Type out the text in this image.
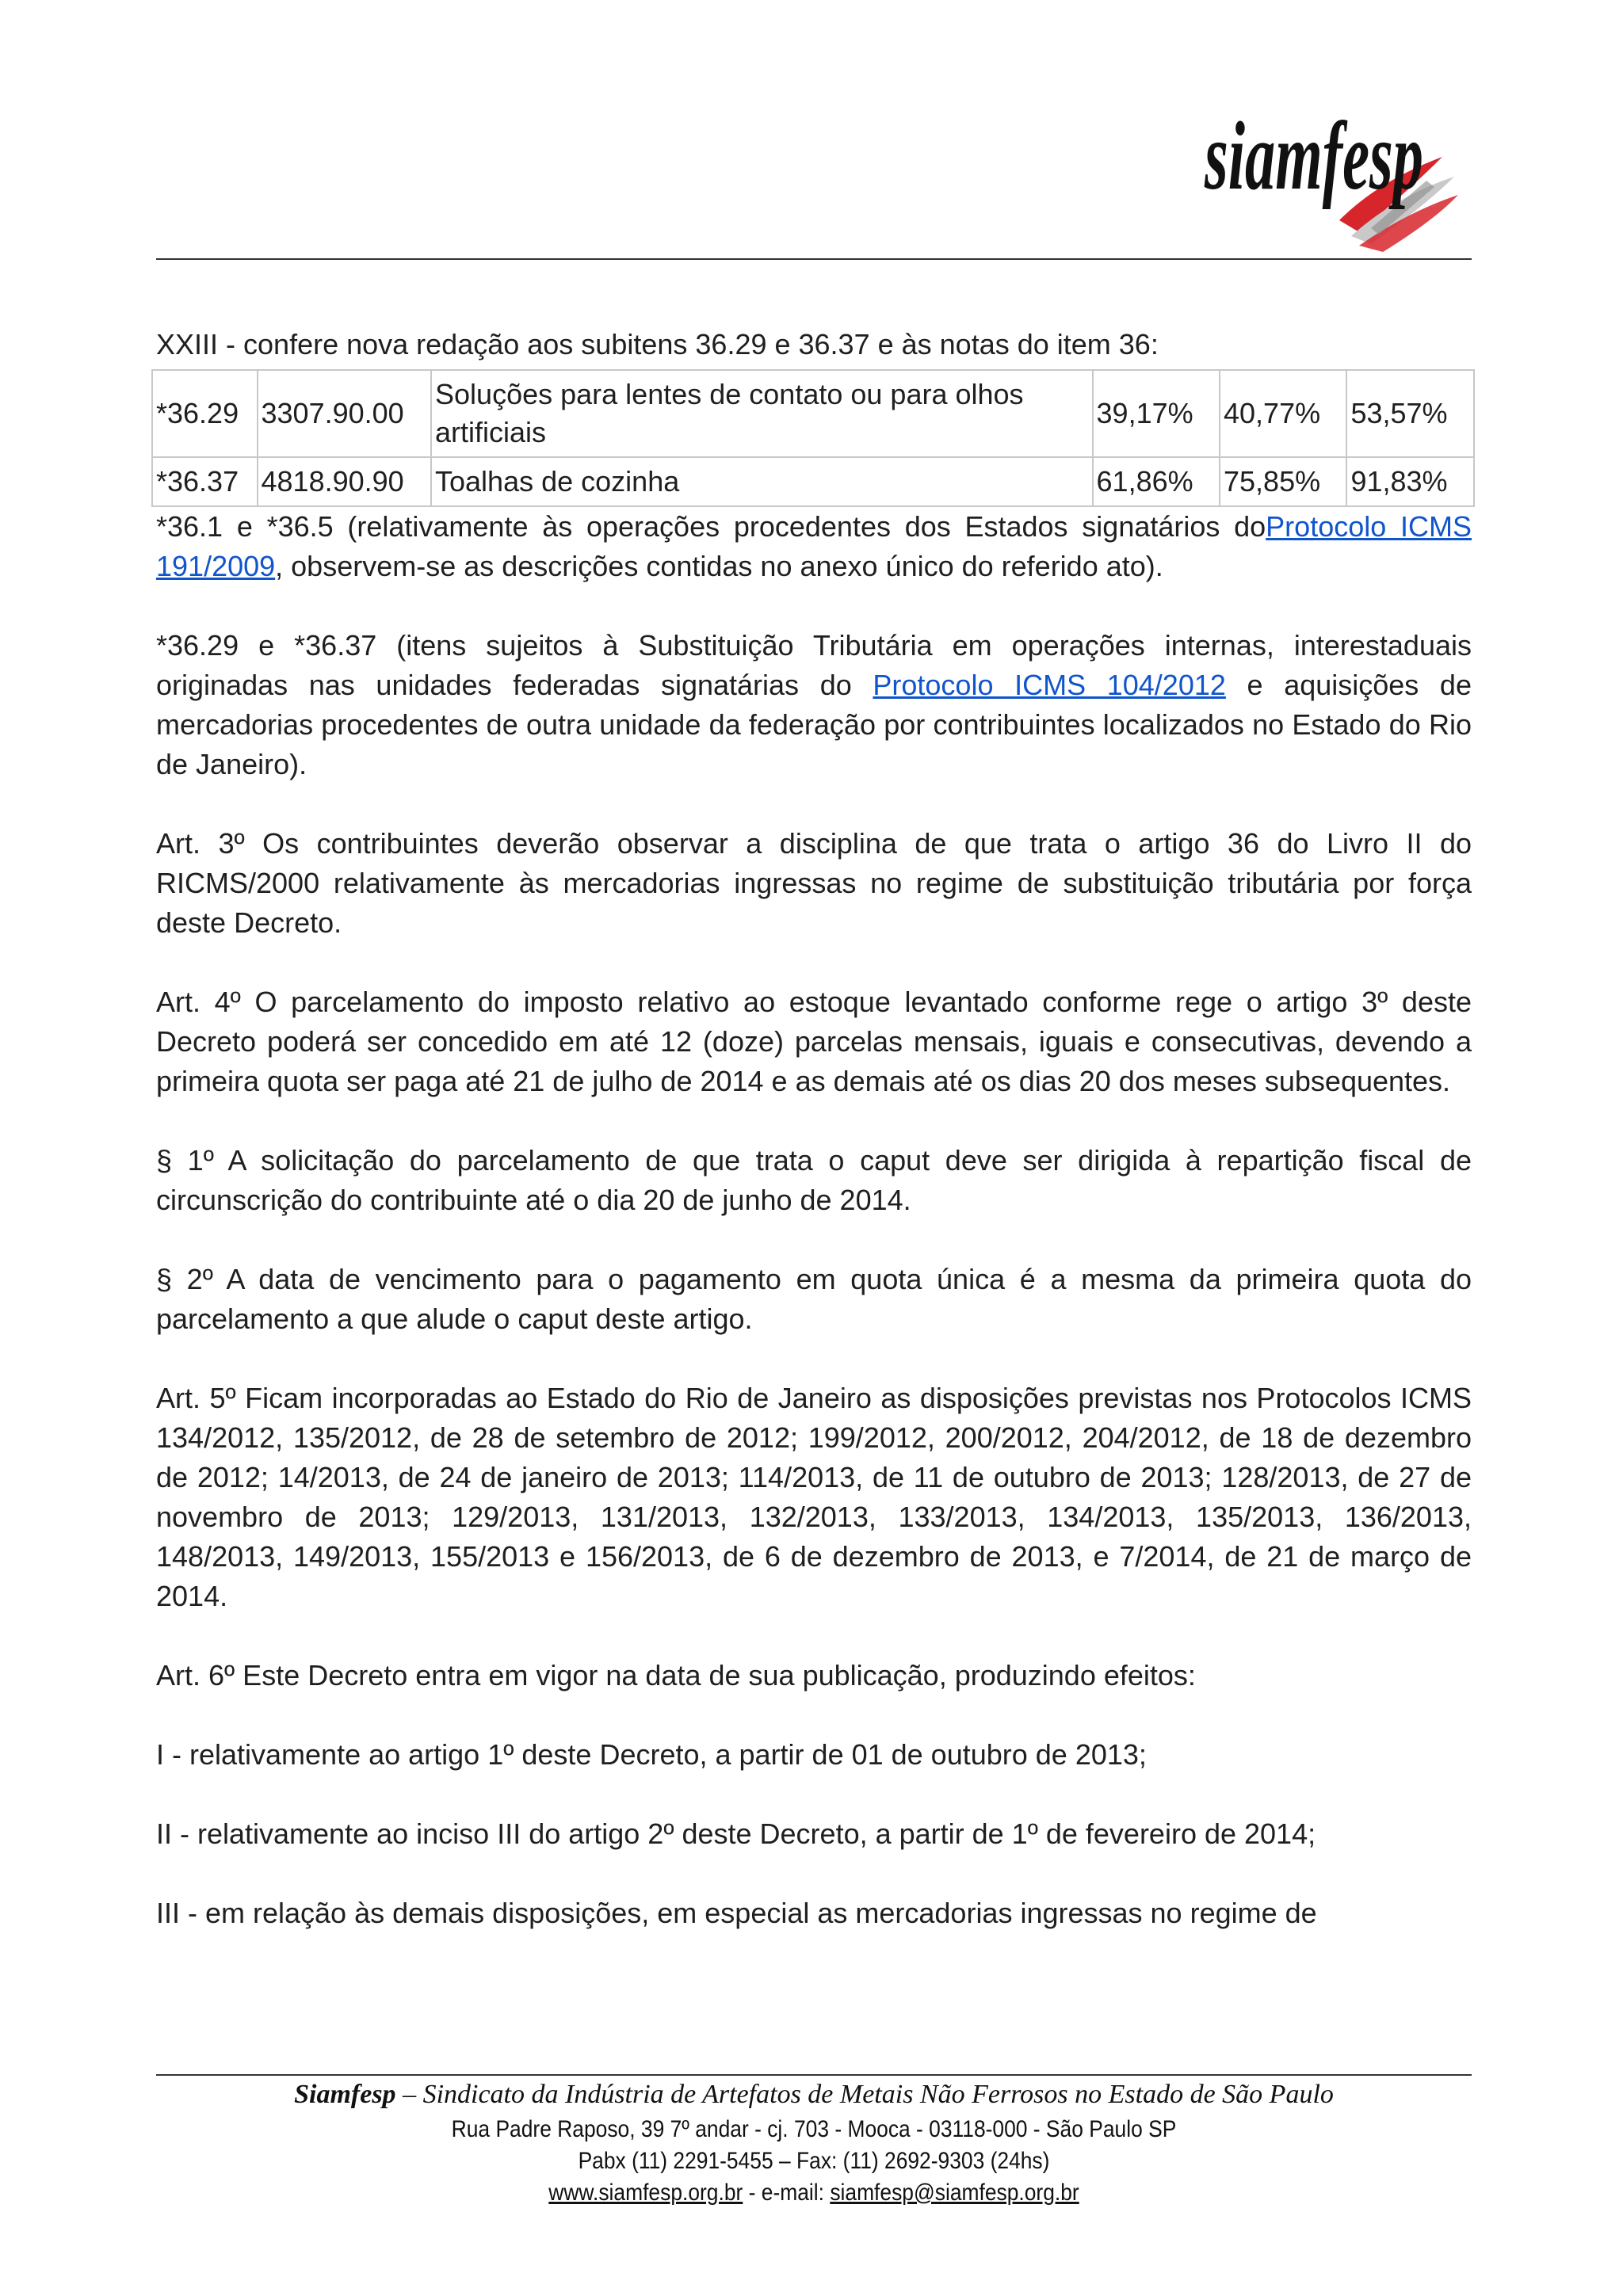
siamfesp

XXIII - confere nova redação aos subitens 36.29 e 36.37 e às notas do item 36:

*36.29	3307.90.00	Soluções para lentes de contato ou para olhos artificiais	39,17%	40,77%	53,57%
*36.37	4818.90.90	Toalhas de cozinha	61,86%	75,85%	91,83%

*36.1 e *36.5 (relativamente às operações procedentes dos Estados signatários doProtocolo ICMS 191/2009, observem-se as descrições contidas no anexo único do referido ato).

*36.29 e *36.37 (itens sujeitos à Substituição Tributária em operações internas, interestaduais originadas nas unidades federadas signatárias do Protocolo ICMS 104/2012 e aquisições de mercadorias procedentes de outra unidade da federação por contribuintes localizados no Estado do Rio de Janeiro).

Art. 3º Os contribuintes deverão observar a disciplina de que trata o artigo 36 do Livro II do RICMS/2000 relativamente às mercadorias ingressas no regime de substituição tributária por força deste Decreto.

Art. 4º O parcelamento do imposto relativo ao estoque levantado conforme rege o artigo 3º deste Decreto poderá ser concedido em até 12 (doze) parcelas mensais, iguais e consecutivas, devendo a primeira quota ser paga até 21 de julho de 2014 e as demais até os dias 20 dos meses subsequentes.

§ 1º A solicitação do parcelamento de que trata o caput deve ser dirigida à repartição fiscal de circunscrição do contribuinte até o dia 20 de junho de 2014.

§ 2º A data de vencimento para o pagamento em quota única é a mesma da primeira quota do parcelamento a que alude o caput deste artigo.

Art. 5º Ficam incorporadas ao Estado do Rio de Janeiro as disposições previstas nos Protocolos ICMS 134/2012, 135/2012, de 28 de setembro de 2012; 199/2012, 200/2012, 204/2012, de 18 de dezembro de 2012; 14/2013, de 24 de janeiro de 2013; 114/2013, de 11 de outubro de 2013; 128/2013, de 27 de novembro de 2013; 129/2013, 131/2013, 132/2013, 133/2013, 134/2013, 135/2013, 136/2013, 148/2013, 149/2013, 155/2013 e 156/2013, de 6 de dezembro de 2013, e 7/2014, de 21 de março de 2014.

Art. 6º Este Decreto entra em vigor na data de sua publicação, produzindo efeitos:

I - relativamente ao artigo 1º deste Decreto, a partir de 01 de outubro de 2013;

II - relativamente ao inciso III do artigo 2º deste Decreto, a partir de 1º de fevereiro de 2014;

III - em relação às demais disposições, em especial as mercadorias ingressas no regime de

Siamfesp – Sindicato da Indústria de Artefatos de Metais Não Ferrosos no Estado de São Paulo
Rua Padre Raposo, 39 7º andar - cj. 703 - Mooca - 03118-000 - São Paulo SP
Pabx (11) 2291-5455 – Fax: (11) 2692-9303 (24hs)
www.siamfesp.org.br - e-mail: siamfesp@siamfesp.org.br
